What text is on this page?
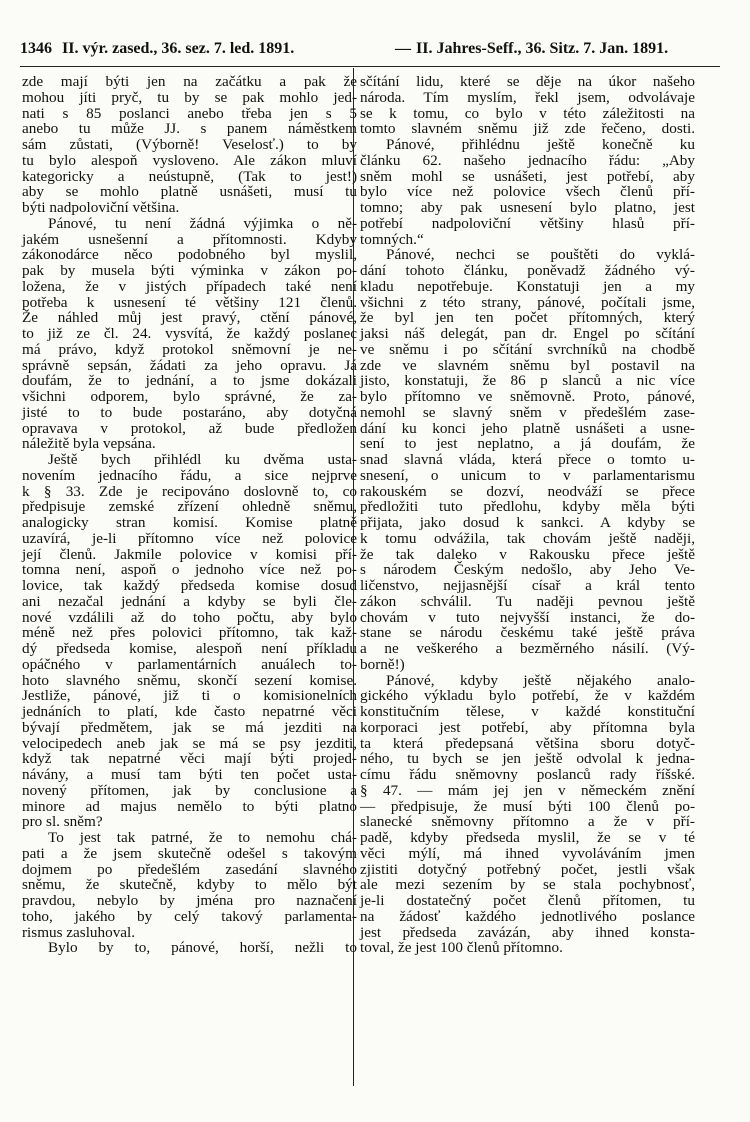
1346 II. výr. zased., 36. sez. 7. led. 1891.	— II. Jahres-Seff., 36. Sitz. 7. Jan. 1891.
zde mají býti jen na začátku a pak že
mohou jíti pryč, tu by se pak mohlo jed-
nati s 85 poslanci anebo třeba jen s 5
anebo tu může JJ. s panem náměstkem
sám zůstati, (Výborně! Veselosť.) to by
tu bylo alespoň vysloveno. Ale zákon mluví
kategoricky a neústupně, (Tak to jest!)
aby se mohlo platně usnášeti, musí tu
býti nadpoloviční většina.
Pánové, tu není žádná výjimka o ně-
jakém usnešenní a přítomnosti. Kdyby
zákonodárce něco podobného byl myslil,
pak by musela býti výminka v zákon po-
ložena, že v jistých případech také není
potřeba k usnesení té většiny 121 členů.
Že náhled můj jest pravý, ctění pánové,
to již ze čl. 24. vysvítá, že každý poslanec
má právo, když protokol sněmovní je ne-
správně sepsán, žádati za jeho opravu. Já
doufám, že to jednání, a to jsme dokázali
všichni odporem, bylo správné, že za-
jisté to to bude postaráno, aby dotyčná
opravava v protokol, až bude předložen
náležitě byla vepsána.
Ještě bych přihlédl ku dvěma usta-
novením jednacího řádu, a sice nejprve
k § 33. Zde je recipováno doslovně to, co
předpisuje zemské zřízení ohledně sněmu,
analogicky stran komisí. Komise platně
uzavírá, je-li přítomno více než polovice
její členů. Jakmile polovice v komisi pří-
tomna není, aspoň o jednoho více než po-
lovice, tak každý předseda komise dosud
ani nezačal jednání a kdyby se byli čle-
nové vzdálili až do toho počtu, aby bylo
méně než přes polovici přítomno, tak kaž-
dý předseda komise, alespoň není příkladu
opáčného v parlamentárních anuálech to-
hoto slavného sněmu, skončí sezení komise.
Jestliže, pánové, již ti o komisionelních
jednáních to platí, kde často nepatrné věci
bývají předmětem, jak se má jezditi na
velocipedech aneb jak se má se psy jezditi,
když tak nepatrné věci mají býti projed-
návány, a musí tam býti ten počet usta-
novený přítomen, jak by conclusione a
minore ad majus nemělo to býti platno
pro sl. sněm?
To jest tak patrné, že to nemohu chá-
pati a že jsem skutečně odešel s takovým
dojmem po předešlém zasedání slavného
sněmu, že skutečně, kdyby to mělo být
pravdou, nebylo by jména pro naznačení
toho, jakého by celý takový parlamenta-
rismus zasluhoval.
Bylo by to, pánové, horší, nežli to
sčítání lidu, které se děje na úkor našeho
národa. Tím myslím, řekl jsem, odvolávaje
se k tomu, co bylo v této záležitosti na
tomto slavném sněmu již zde řečeno, dosti.
Pánové, přihlédnu ještě konečně ku
článku 62. našeho jednacího řádu: „Aby
sněm mohl se usnášeti, jest potřebí, aby
bylo více než polovice všech členů pří-
tomno; aby pak usnesení bylo platno, jest
potřebí nadpoloviční většiny hlasů pří-
tomných.“
Pánové, nechci se pouštěti do vyklá-
dání tohoto článku, poněvadž žádného vý-
kladu nepotřebuje. Konstatuji jen a my
všichni z této strany, pánové, počítali jsme,
že byl jen ten počet přítomných, který
jaksi náš delegát, pan dr. Engel po sčítání
ve sněmu i po sčítání svrchníků na chodbě
zde ve slavném sněmu byl postavil na
jisto, konstatuji, že 86 p slanců a nic více
bylo přítomno ve sněmovně. Proto, pánové,
nemohl se slavný sněm v předešlém zase-
dání ku konci jeho platně usnášeti a usne-
sení to jest neplatno, a já doufám, že
snad slavná vláda, která přece o tomto u-
snesení, o unicum to v parlamentarismu
rakouském se dozví, neodváží se přece
předložiti tuto předlohu, kdyby měla býti
přijata, jako dosud k sankci. A kdyby se
k tomu odvážila, tak chovám ještě naději,
že tak daleko v Rakousku přece ještě
s národem Českým nedošlo, aby Jeho Ve-
ličenstvo, nejjasnější císař a král tento
zákon schválil. Tu naději pevnou ještě
chovám v tuto nejvyšší instanci, že do-
stane se národu českému také ještě práva
a ne veškerého a bezměrného násilí. (Vý-
borně!)
Pánové, kdyby ještě nějakého analo-
gického výkladu bylo potřebí, že v každém
konstitučním tělese, v každé konstituční
korporaci jest potřebí, aby přítomna byla
ta která předepsaná většina sboru dotyč-
ného, tu bych se jen ještě odvolal k jedna-
címu řádu sněmovny poslanců rady říšské.
§ 47. — mám jej jen v německém znění
— předpisuje, že musí býti 100 členů po-
slanecké sněmovny přítomno a že v pří-
padě, kdyby předseda myslil, že se v té
věci mýlí, má ihned vyvoláváním jmen
zjistiti dotyčný potřebný počet, jestli však
ale mezi sezením by se stala pochybnosť,
je-li dostatečný počet členů přítomen, tu
na žádosť každého jednotlivého poslance
jest předseda zavázán, aby ihned konsta-
toval, že jest 100 členů přítomno.
